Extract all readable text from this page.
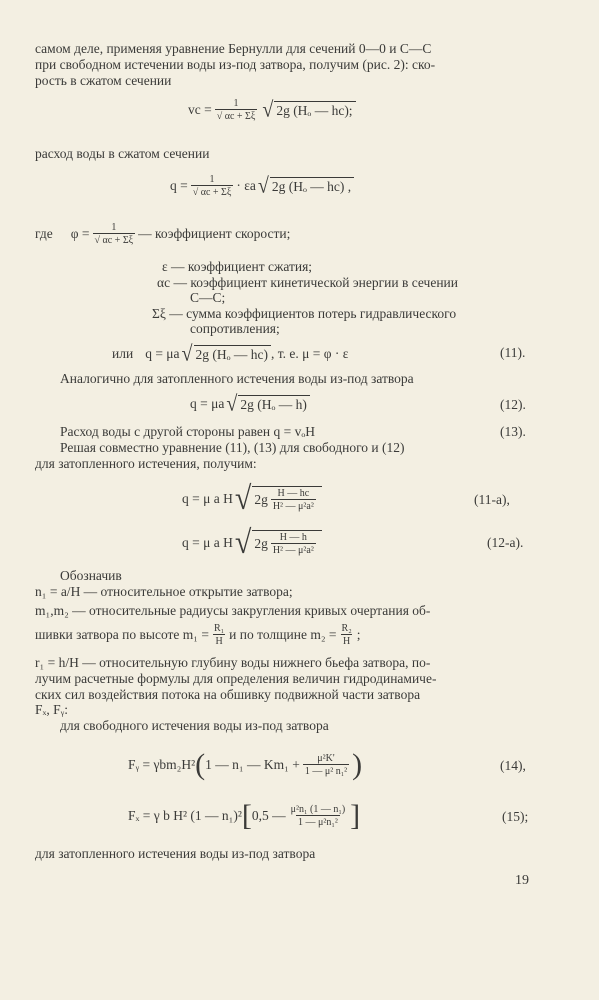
самом деле, применяя уравнение Бернулли для сечений 0—0 и С—С
при свободном истечении воды из-под затвора, получим (рис. 2): ско-
рость в сжатом сечении
vc = $\frac{1}{√ \alpha c + \Sigma\xi}$ √ 2g (Hₒ — hc);
расход воды в сжатом сечении
$q = \frac{1}{√ \alpha c + \Sigma\xi} \cdot \varepsilon a$ √ 2g (Hₒ — hc) ,
где $\varphi = \frac{1}{√ \alpha c + \Sigma\xi}$ — коэффициент скорости;
ε — коэффициент сжатия;
αc — коэффициент кинетической энергии в сечении
С—С;
Σξ — сумма коэффициентов потерь гидравлического
сопротивления;
или q = μa √ 2g (Hₒ — hc) , т. е. μ = φ · ε	(11).
Аналогично для затопленного истечения воды из-под затвора
q = μa √ 2g (Hₒ — h)	(12).
Расход воды с другой стороны равен q = vₒH	(13).
Решая совместно уравнение (11), (13) для свободного и (12)
для затопленного истечения, получим:
q = μ a H √ $2g \frac{H — hc}{\text{H² — μ²a²}}$	(11-а),
q = μ a H √ $2g \frac{H — h}{\text{H² — μ²a²}}$	(12-а).
Обозначив
n₁ = a/H — относительное открытие затвора;
m₁,m₂ — относительные радиусы закругления кривых очертания об-
шивки затвора по высоте $m_1 = \frac{\text{R₁}}{H}$ и по толщине $m_2 = \frac{\text{R₂}}{H}$ ;
r₁ = h/H — относительную глубину воды нижнего бьефа затвора, по-
лучим расчетные формулы для определения величин гидродинамиче-
ских сил воздействия потока на обшивку подвижной части затвора
Fₓ, Fᵧ:
для свободного истечения воды из-под затвора
Fᵧ = γbm₂H² ( 1 — n₁ — $Km_1 + \frac{\text{μ²K'}}{\text{1 — μ² n₁²}}$ )	(14),
Fₓ = γ b H² (1 — n₁)² [ 0,5 — $\frac{\text{μ²n₁ (1 — n₁)}}{\text{1 — μ²n₁²}}$ ]	(15);
для затопленного истечения воды из-под затвора
19
